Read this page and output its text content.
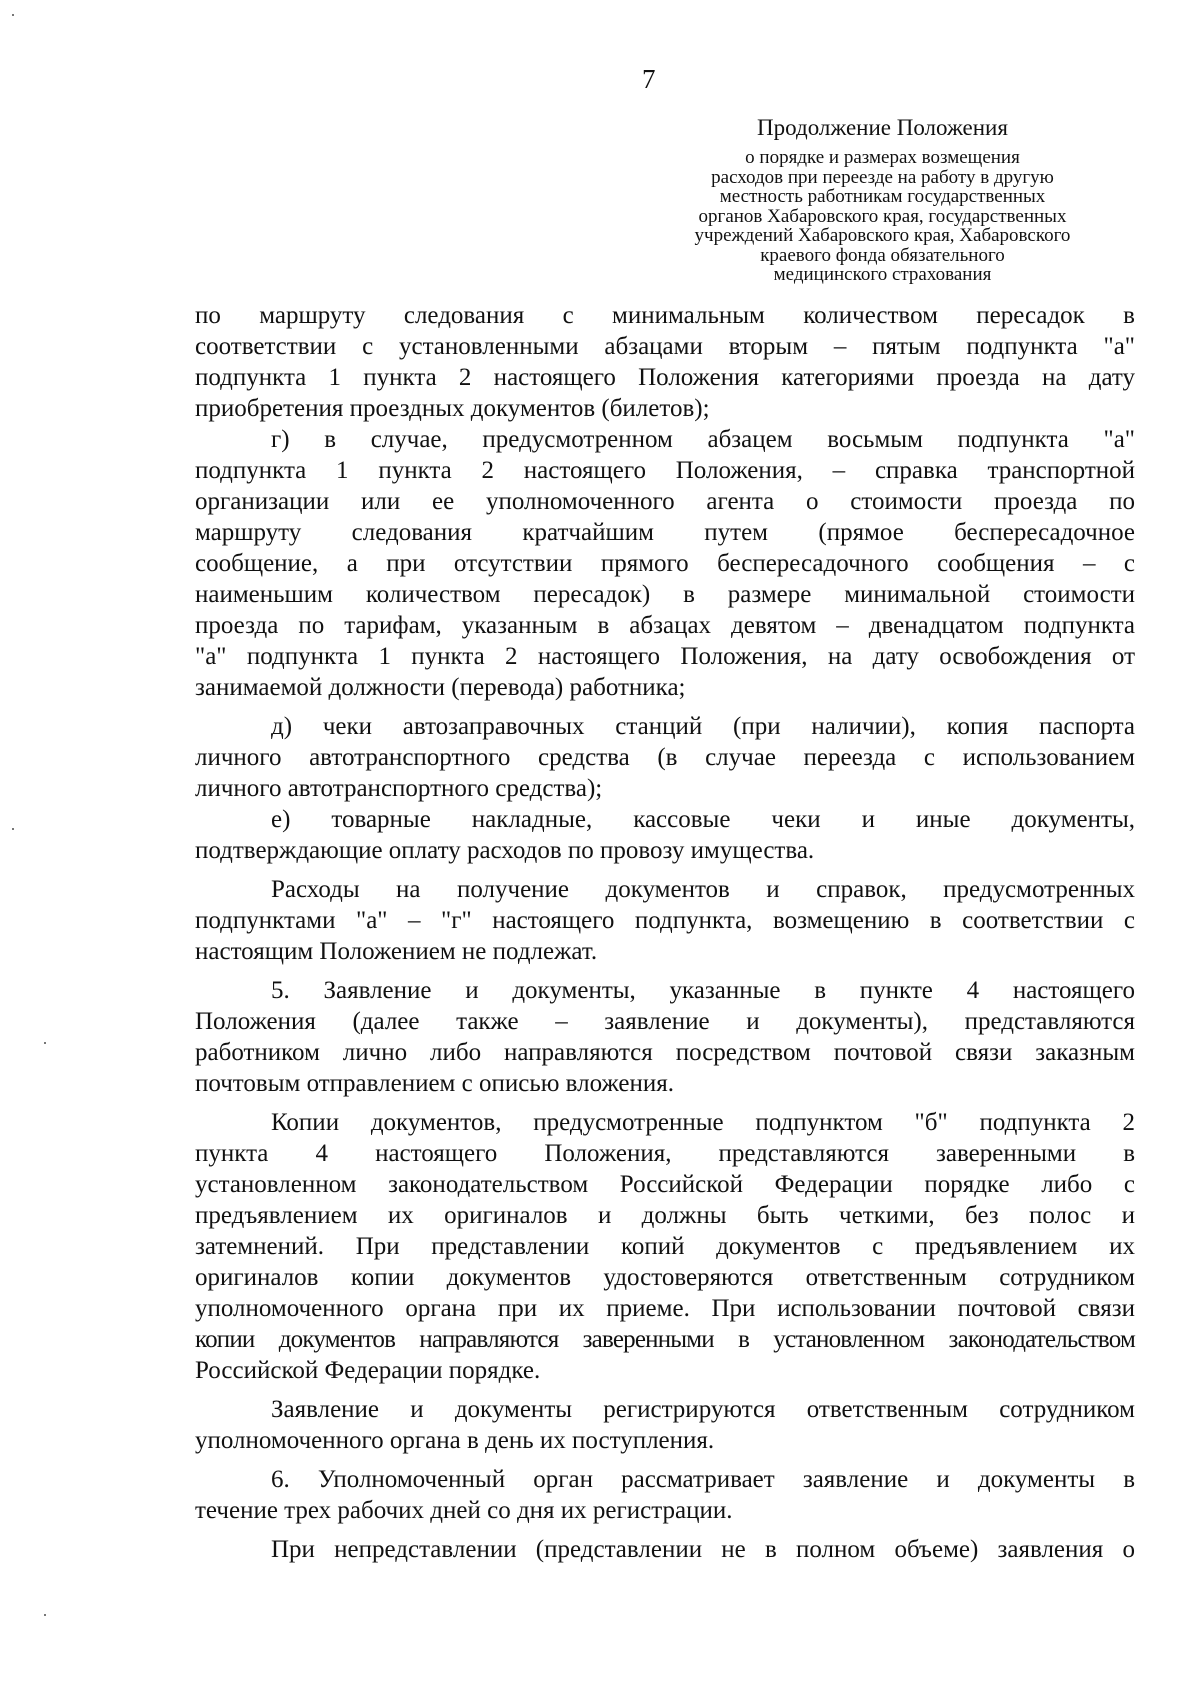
7
Продолжение Положения
о порядке и размерах возмещения
расходов при переезде на работу в другую
местность работникам государственных
органов Хабаровского края, государственных
учреждений Хабаровского края, Хабаровского
краевого фонда обязательного
медицинского страхования
по маршруту следования с минимальным количеством пересадок в
соответствии с установленными абзацами вторым – пятым подпункта "а"
подпункта 1 пункта 2 настоящего Положения категориями проезда на дату
приобретения проездных документов (билетов);
г) в случае, предусмотренном абзацем восьмым подпункта "а"
подпункта 1 пункта 2 настоящего Положения, – справка транспортной
организации или ее уполномоченного агента о стоимости проезда по
маршруту следования кратчайшим путем (прямое беспересадочное
сообщение, а при отсутствии прямого беспересадочного сообщения – с
наименьшим количеством пересадок) в размере минимальной стоимости
проезда по тарифам, указанным в абзацах девятом – двенадцатом подпункта
"а" подпункта 1 пункта 2 настоящего Положения, на дату освобождения от
занимаемой должности (перевода) работника;
д) чеки автозаправочных станций (при наличии), копия паспорта
личного автотранспортного средства (в случае переезда с использованием
личного автотранспортного средства);
е) товарные накладные, кассовые чеки и иные документы,
подтверждающие оплату расходов по провозу имущества.
Расходы на получение документов и справок, предусмотренных
подпунктами "а" – "г" настоящего подпункта, возмещению в соответствии с
настоящим Положением не подлежат.
5. Заявление и документы, указанные в пункте 4 настоящего
Положения (далее также – заявление и документы), представляются
работником лично либо направляются посредством почтовой связи заказным
почтовым отправлением с описью вложения.
Копии документов, предусмотренные подпунктом "б" подпункта 2
пункта 4 настоящего Положения, представляются заверенными в
установленном законодательством Российской Федерации порядке либо с
предъявлением их оригиналов и должны быть четкими, без полос и
затемнений. При представлении копий документов с предъявлением их
оригиналов копии документов удостоверяются ответственным сотрудником
уполномоченного органа при их приеме. При использовании почтовой связи
копии документов направляются заверенными в установленном законодательством
Российской Федерации порядке.
Заявление и документы регистрируются ответственным сотрудником
уполномоченного органа в день их поступления.
6. Уполномоченный орган рассматривает заявление и документы в
течение трех рабочих дней со дня их регистрации.
При непредставлении (представлении не в полном объеме) заявления о
